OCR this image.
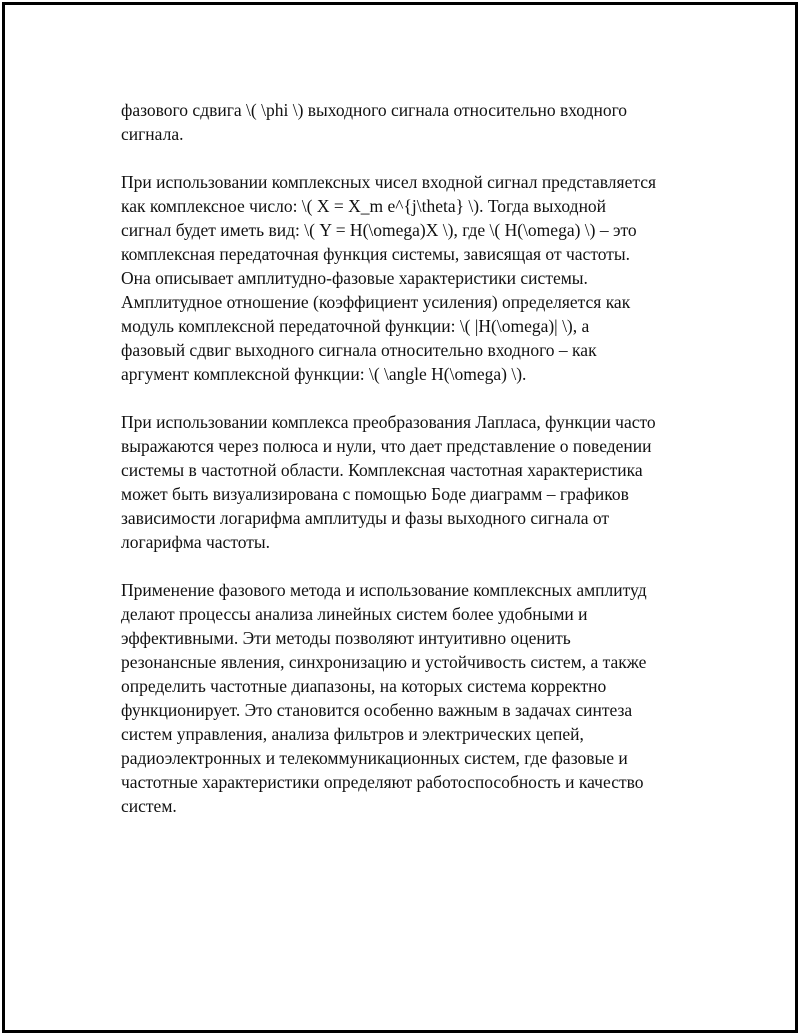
фазового сдвига \( \phi \) выходного сигнала относительно входного
сигнала.

При использовании комплексных чисел входной сигнал представляется
как комплексное число: \( X = X_m e^{j\theta} \). Тогда выходной
сигнал будет иметь вид: \( Y = H(\omega)X \), где \( H(\omega) \) – это
комплексная передаточная функция системы, зависящая от частоты.
Она описывает амплитудно-фазовые характеристики системы.
Амплитудное отношение (коэффициент усиления) определяется как
модуль комплексной передаточной функции: \( |H(\omega)| \), а
фазовый сдвиг выходного сигнала относительно входного – как
аргумент комплексной функции: \( \angle H(\omega) \).

При использовании комплекса преобразования Лапласа, функции часто
выражаются через полюса и нули, что дает представление о поведении
системы в частотной области. Комплексная частотная характеристика
может быть визуализирована с помощью Боде диаграмм – графиков
зависимости логарифма амплитуды и фазы выходного сигнала от
логарифма частоты.

Применение фазового метода и использование комплексных амплитуд
делают процессы анализа линейных систем более удобными и
эффективными. Эти методы позволяют интуитивно оценить
резонансные явления, синхронизацию и устойчивость систем, а также
определить частотные диапазоны, на которых система корректно
функционирует. Это становится особенно важным в задачах синтеза
систем управления, анализа фильтров и электрических цепей,
радиоэлектронных и телекоммуникационных систем, где фазовые и
частотные характеристики определяют работоспособность и качество
систем.
